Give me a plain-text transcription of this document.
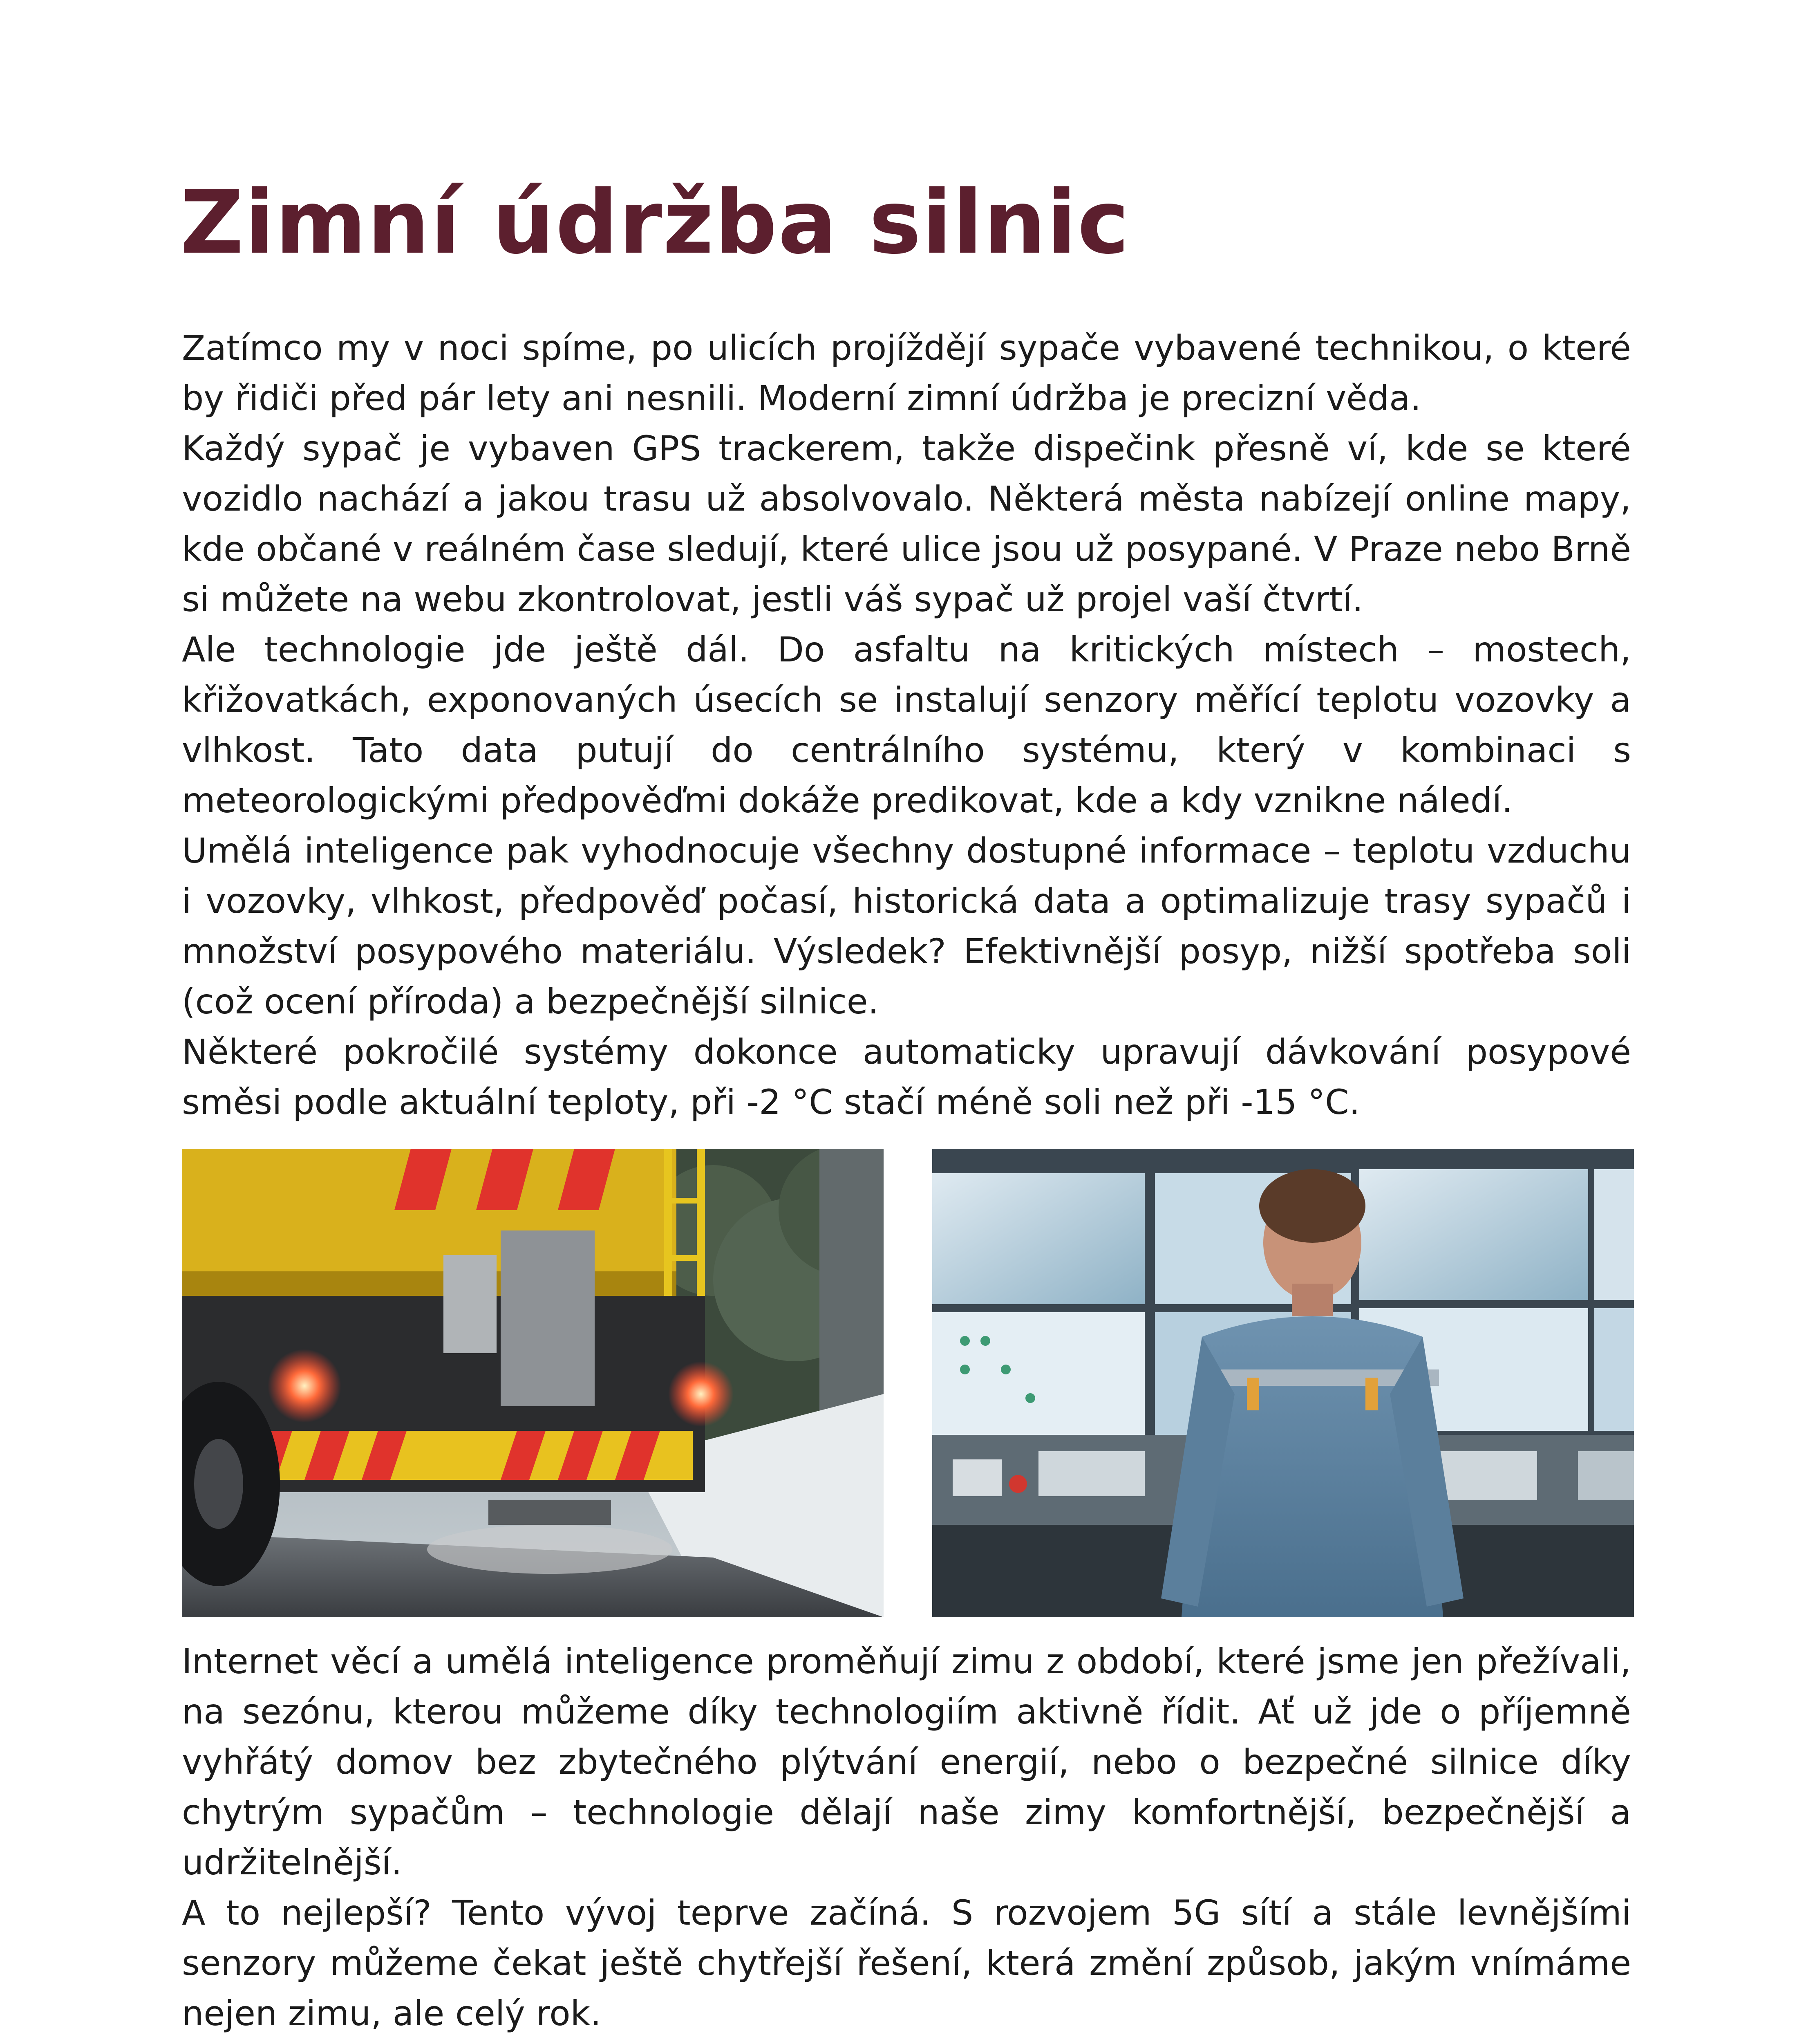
Zimní údržba silnic

Zatímco my v noci spíme, po ulicích projíždějí sypače vybavené technikou, o které by řidiči před pár lety ani nesnili. Moderní zimní údržba je precizní věda.

Každý sypač je vybaven GPS trackerem, takže dispečink přesně ví, kde se které vozidlo nachází a jakou trasu už absolvovalo. Některá města nabízejí online mapy, kde občané v reálném čase sledují, které ulice jsou už posypané. V Praze nebo Brně si můžete na webu zkontrolovat, jestli váš sypač už projel vaší čtvrtí.

Ale technologie jde ještě dál. Do asfaltu na kritických místech – mostech, křižovatkách, exponovaných úsecích se instalují senzory měřící teplotu vozovky a vlhkost. Tato data putují do centrálního systému, který v kombinaci s meteorologickými předpověďmi dokáže predikovat, kde a kdy vznikne náledí.

Umělá inteligence pak vyhodnocuje všechny dostupné informace – teplotu vzduchu i vozovky, vlhkost, předpověď počasí, historická data a optimalizuje trasy sypačů i množství posypového materiálu. Výsledek? Efektivnější posyp, nižší spotřeba soli (což ocení příroda) a bezpečnější silnice.

Některé pokročilé systémy dokonce automaticky upravují dávkování posypové směsi podle aktuální teploty, při -2 °C stačí méně soli než při -15 °C.

Internet věcí a umělá inteligence proměňují zimu z období, které jsme jen přežívali, na sezónu, kterou můžeme díky technologiím aktivně řídit. Ať už jde o příjemně vyhřátý domov bez zbytečného plýtvání energií, nebo o bezpečné silnice díky chytrým sypačům – technologie dělají naše zimy komfortnější, bezpečnější a udržitelnější.

A to nejlepší? Tento vývoj teprve začíná. S rozvojem 5G sítí a stále levnějšími senzory můžeme čekat ještě chytřejší řešení, která změní způsob, jakým vnímáme nejen zimu, ale celý rok.
